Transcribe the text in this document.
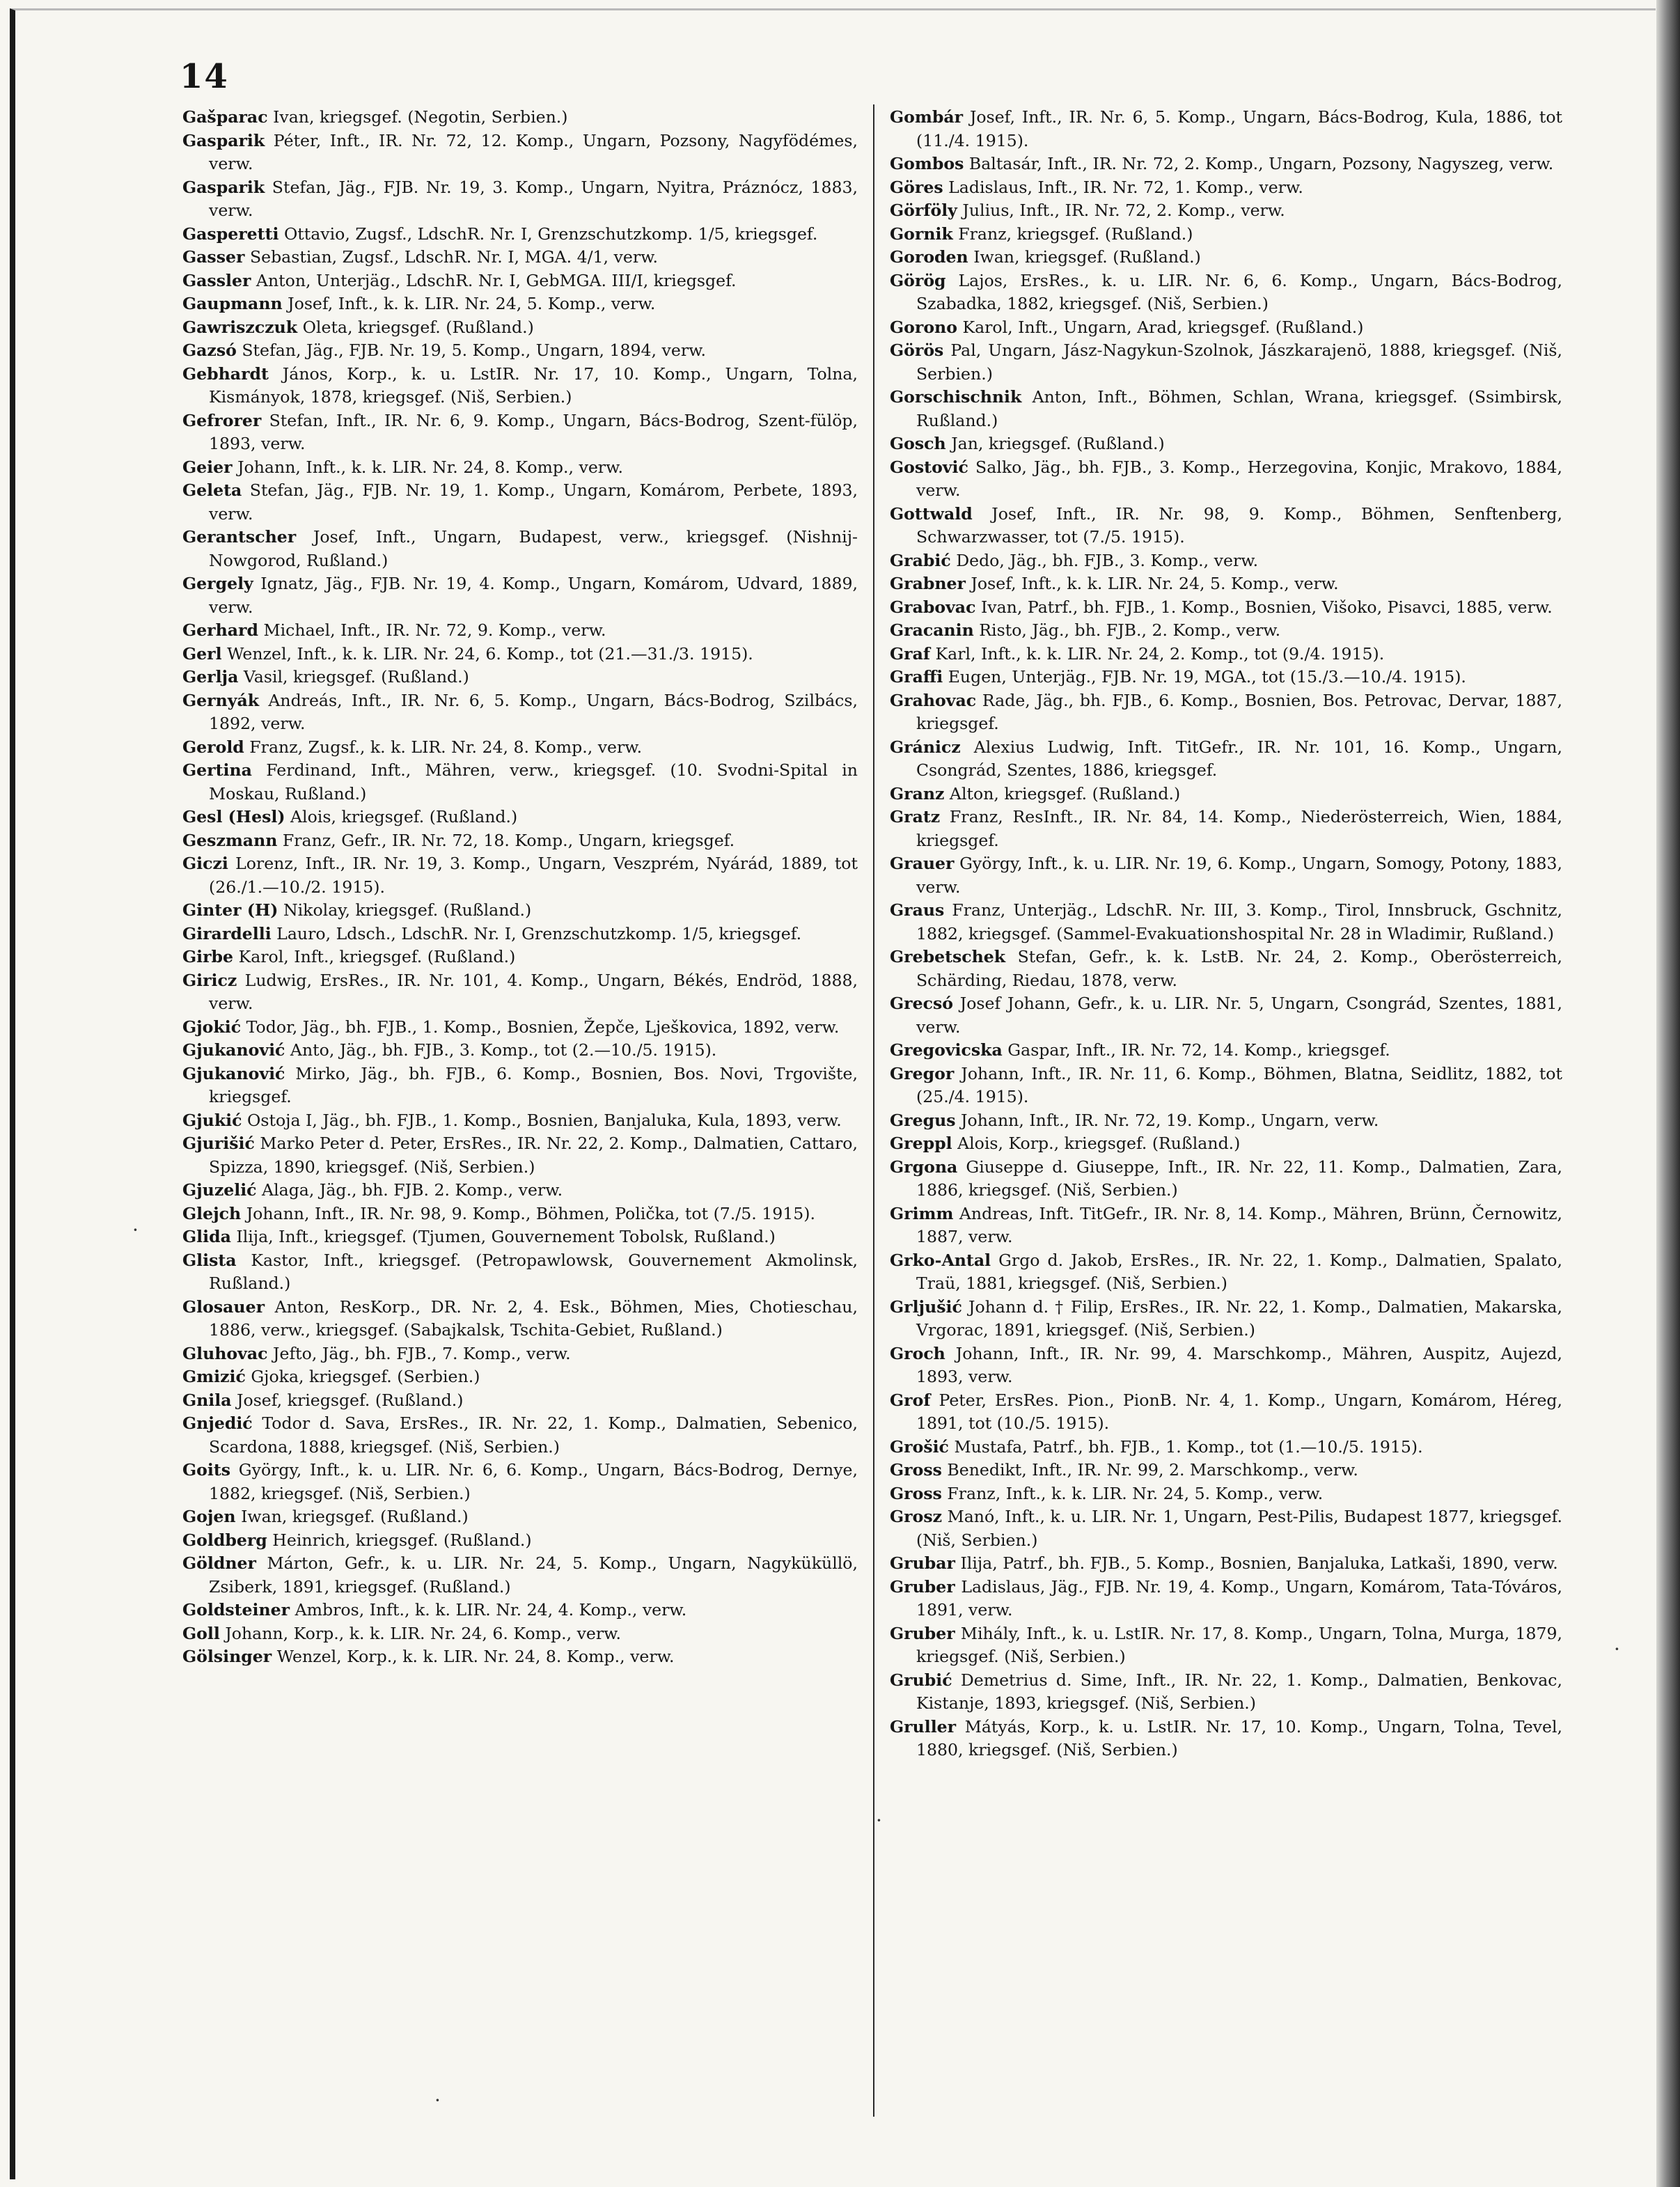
14

Gašparac Ivan, kriegsgef. (Negotin, Serbien.)

Gasparik Péter, Inft., IR. Nr. 72, 12. Komp., Ungarn, Pozsony, Nagyfödémes, verw.

Gasparik Stefan, Jäg., FJB. Nr. 19, 3. Komp., Ungarn, Nyitra, Práznócz, 1883, verw.

Gasperetti Ottavio, Zugsf., LdschR. Nr. I, Grenzschutzkomp. 1/5, kriegsgef.

Gasser Sebastian, Zugsf., LdschR. Nr. I, MGA. 4/1, verw.

Gassler Anton, Unterjäg., LdschR. Nr. I, GebMGA. III/I, kriegsgef.

Gaupmann Josef, Inft., k. k. LIR. Nr. 24, 5. Komp., verw.

Gawriszczuk Oleta, kriegsgef. (Rußland.)

Gazsó Stefan, Jäg., FJB. Nr. 19, 5. Komp., Ungarn, 1894, verw.

Gebhardt János, Korp., k. u. LstIR. Nr. 17, 10. Komp., Ungarn, Tolna, Kismányok, 1878, kriegsgef. (Niš, Serbien.)

Gefrorer Stefan, Inft., IR. Nr. 6, 9. Komp., Ungarn, Bács-Bodrog, Szent-fülöp, 1893, verw.

Geier Johann, Inft., k. k. LIR. Nr. 24, 8. Komp., verw.

Geleta Stefan, Jäg., FJB. Nr. 19, 1. Komp., Ungarn, Komárom, Perbete, 1893, verw.

Gerantscher Josef, Inft., Ungarn, Budapest, verw., kriegsgef. (Nishnij-Nowgorod, Rußland.)

Gergely Ignatz, Jäg., FJB. Nr. 19, 4. Komp., Ungarn, Komárom, Udvard, 1889, verw.

Gerhard Michael, Inft., IR. Nr. 72, 9. Komp., verw.

Gerl Wenzel, Inft., k. k. LIR. Nr. 24, 6. Komp., tot (21.—31./3. 1915).

Gerlja Vasil, kriegsgef. (Rußland.)

Gernyák Andreás, Inft., IR. Nr. 6, 5. Komp., Ungarn, Bács-Bodrog, Szilbács, 1892, verw.

Gerold Franz, Zugsf., k. k. LIR. Nr. 24, 8. Komp., verw.

Gertina Ferdinand, Inft., Mähren, verw., kriegsgef. (10. Svodni-Spital in Moskau, Rußland.)

Gesl (Hesl) Alois, kriegsgef. (Rußland.)

Geszmann Franz, Gefr., IR. Nr. 72, 18. Komp., Ungarn, kriegsgef.

Giczi Lorenz, Inft., IR. Nr. 19, 3. Komp., Ungarn, Veszprém, Nyárád, 1889, tot (26./1.—10./2. 1915).

Ginter (H) Nikolay, kriegsgef. (Rußland.)

Girardelli Lauro, Ldsch., LdschR. Nr. I, Grenzschutzkomp. 1/5, kriegsgef.

Girbe Karol, Inft., kriegsgef. (Rußland.)

Giricz Ludwig, ErsRes., IR. Nr. 101, 4. Komp., Ungarn, Békés, Endröd, 1888, verw.

Gjokić Todor, Jäg., bh. FJB., 1. Komp., Bosnien, Žepče, Lješkovica, 1892, verw.

Gjukanović Anto, Jäg., bh. FJB., 3. Komp., tot (2.—10./5. 1915).

Gjukanović Mirko, Jäg., bh. FJB., 6. Komp., Bosnien, Bos. Novi, Trgovište, kriegsgef.

Gjukić Ostoja I, Jäg., bh. FJB., 1. Komp., Bosnien, Banjaluka, Kula, 1893, verw.

Gjurišić Marko Peter d. Peter, ErsRes., IR. Nr. 22, 2. Komp., Dalmatien, Cattaro, Spizza, 1890, kriegsgef. (Niš, Serbien.)

Gjuzelić Alaga, Jäg., bh. FJB. 2. Komp., verw.

Glejch Johann, Inft., IR. Nr. 98, 9. Komp., Böhmen, Polička, tot (7./5. 1915).

Glida Ilija, Inft., kriegsgef. (Tjumen, Gouvernement Tobolsk, Rußland.)

Glista Kastor, Inft., kriegsgef. (Petropawlowsk, Gouvernement Akmolinsk, Rußland.)

Glosauer Anton, ResKorp., DR. Nr. 2, 4. Esk., Böhmen, Mies, Chotieschau, 1886, verw., kriegsgef. (Sabajkalsk, Tschita-Gebiet, Rußland.)

Gluhovac Jefto, Jäg., bh. FJB., 7. Komp., verw.

Gmizić Gjoka, kriegsgef. (Serbien.)

Gnila Josef, kriegsgef. (Rußland.)

Gnjedić Todor d. Sava, ErsRes., IR. Nr. 22, 1. Komp., Dalmatien, Sebenico, Scardona, 1888, kriegsgef. (Niš, Serbien.)

Goits György, Inft., k. u. LIR. Nr. 6, 6. Komp., Ungarn, Bács-Bodrog, Dernye, 1882, kriegsgef. (Niš, Serbien.)

Gojen Iwan, kriegsgef. (Rußland.)

Goldberg Heinrich, kriegsgef. (Rußland.)

Göldner Márton, Gefr., k. u. LIR. Nr. 24, 5. Komp., Ungarn, Nagyküküllö, Zsiberk, 1891, kriegsgef. (Rußland.)

Goldsteiner Ambros, Inft., k. k. LIR. Nr. 24, 4. Komp., verw.

Goll Johann, Korp., k. k. LIR. Nr. 24, 6. Komp., verw.

Gölsinger Wenzel, Korp., k. k. LIR. Nr. 24, 8. Komp., verw.

Gombár Josef, Inft., IR. Nr. 6, 5. Komp., Ungarn, Bács-Bodrog, Kula, 1886, tot (11./4. 1915).

Gombos Baltasár, Inft., IR. Nr. 72, 2. Komp., Ungarn, Pozsony, Nagyszeg, verw.

Göres Ladislaus, Inft., IR. Nr. 72, 1. Komp., verw.

Görföly Julius, Inft., IR. Nr. 72, 2. Komp., verw.

Gornik Franz, kriegsgef. (Rußland.)

Goroden Iwan, kriegsgef. (Rußland.)

Görög Lajos, ErsRes., k. u. LIR. Nr. 6, 6. Komp., Ungarn, Bács-Bodrog, Szabadka, 1882, kriegsgef. (Niš, Serbien.)

Gorono Karol, Inft., Ungarn, Arad, kriegsgef. (Rußland.)

Görös Pal, Ungarn, Jász-Nagykun-Szolnok, Jászkarajenö, 1888, kriegsgef. (Niš, Serbien.)

Gorschischnik Anton, Inft., Böhmen, Schlan, Wrana, kriegsgef. (Ssimbirsk, Rußland.)

Gosch Jan, kriegsgef. (Rußland.)

Gostović Salko, Jäg., bh. FJB., 3. Komp., Herzegovina, Konjic, Mrakovo, 1884, verw.

Gottwald Josef, Inft., IR. Nr. 98, 9. Komp., Böhmen, Senftenberg, Schwarzwasser, tot (7./5. 1915).

Grabić Dedo, Jäg., bh. FJB., 3. Komp., verw.

Grabner Josef, Inft., k. k. LIR. Nr. 24, 5. Komp., verw.

Grabovac Ivan, Patrf., bh. FJB., 1. Komp., Bosnien, Višoko, Pisavci, 1885, verw.

Gracanin Risto, Jäg., bh. FJB., 2. Komp., verw.

Graf Karl, Inft., k. k. LIR. Nr. 24, 2. Komp., tot (9./4. 1915).

Graffi Eugen, Unterjäg., FJB. Nr. 19, MGA., tot (15./3.—10./4. 1915).

Grahovac Rade, Jäg., bh. FJB., 6. Komp., Bosnien, Bos. Petrovac, Dervar, 1887, kriegsgef.

Gránicz Alexius Ludwig, Inft. TitGefr., IR. Nr. 101, 16. Komp., Ungarn, Csongrád, Szentes, 1886, kriegsgef.

Granz Alton, kriegsgef. (Rußland.)

Gratz Franz, ResInft., IR. Nr. 84, 14. Komp., Niederösterreich, Wien, 1884, kriegsgef.

Grauer György, Inft., k. u. LIR. Nr. 19, 6. Komp., Ungarn, Somogy, Potony, 1883, verw.

Graus Franz, Unterjäg., LdschR. Nr. III, 3. Komp., Tirol, Innsbruck, Gschnitz, 1882, kriegsgef. (Sammel-Evakuationshospital Nr. 28 in Wladimir, Rußland.)

Grebetschek Stefan, Gefr., k. k. LstB. Nr. 24, 2. Komp., Oberösterreich, Schärding, Riedau, 1878, verw.

Grecsó Josef Johann, Gefr., k. u. LIR. Nr. 5, Ungarn, Csongrád, Szentes, 1881, verw.

Gregovicska Gaspar, Inft., IR. Nr. 72, 14. Komp., kriegsgef.

Gregor Johann, Inft., IR. Nr. 11, 6. Komp., Böhmen, Blatna, Seidlitz, 1882, tot (25./4. 1915).

Gregus Johann, Inft., IR. Nr. 72, 19. Komp., Ungarn, verw.

Greppl Alois, Korp., kriegsgef. (Rußland.)

Grgona Giuseppe d. Giuseppe, Inft., IR. Nr. 22, 11. Komp., Dalmatien, Zara, 1886, kriegsgef. (Niš, Serbien.)

Grimm Andreas, Inft. TitGefr., IR. Nr. 8, 14. Komp., Mähren, Brünn, Černowitz, 1887, verw.

Grko-Antal Grgo d. Jakob, ErsRes., IR. Nr. 22, 1. Komp., Dalmatien, Spalato, Traü, 1881, kriegsgef. (Niš, Serbien.)

Grljušić Johann d. † Filip, ErsRes., IR. Nr. 22, 1. Komp., Dalmatien, Makarska, Vrgorac, 1891, kriegsgef. (Niš, Serbien.)

Groch Johann, Inft., IR. Nr. 99, 4. Marschkomp., Mähren, Auspitz, Aujezd, 1893, verw.

Grof Peter, ErsRes. Pion., PionB. Nr. 4, 1. Komp., Ungarn, Komárom, Héreg, 1891, tot (10./5. 1915).

Grošić Mustafa, Patrf., bh. FJB., 1. Komp., tot (1.—10./5. 1915).

Gross Benedikt, Inft., IR. Nr. 99, 2. Marschkomp., verw.

Gross Franz, Inft., k. k. LIR. Nr. 24, 5. Komp., verw.

Grosz Manó, Inft., k. u. LIR. Nr. 1, Ungarn, Pest-Pilis, Budapest 1877, kriegsgef. (Niš, Serbien.)

Grubar Ilija, Patrf., bh. FJB., 5. Komp., Bosnien, Banjaluka, Latkaši, 1890, verw.

Gruber Ladislaus, Jäg., FJB. Nr. 19, 4. Komp., Ungarn, Komárom, Tata-Tóváros, 1891, verw.

Gruber Mihály, Inft., k. u. LstIR. Nr. 17, 8. Komp., Ungarn, Tolna, Murga, 1879, kriegsgef. (Niš, Serbien.)

Grubić Demetrius d. Sime, Inft., IR. Nr. 22, 1. Komp., Dalmatien, Benkovac, Kistanje, 1893, kriegsgef. (Niš, Serbien.)

Gruller Mátyás, Korp., k. u. LstIR. Nr. 17, 10. Komp., Ungarn, Tolna, Tevel, 1880, kriegsgef. (Niš, Serbien.)

·
·
·
·
